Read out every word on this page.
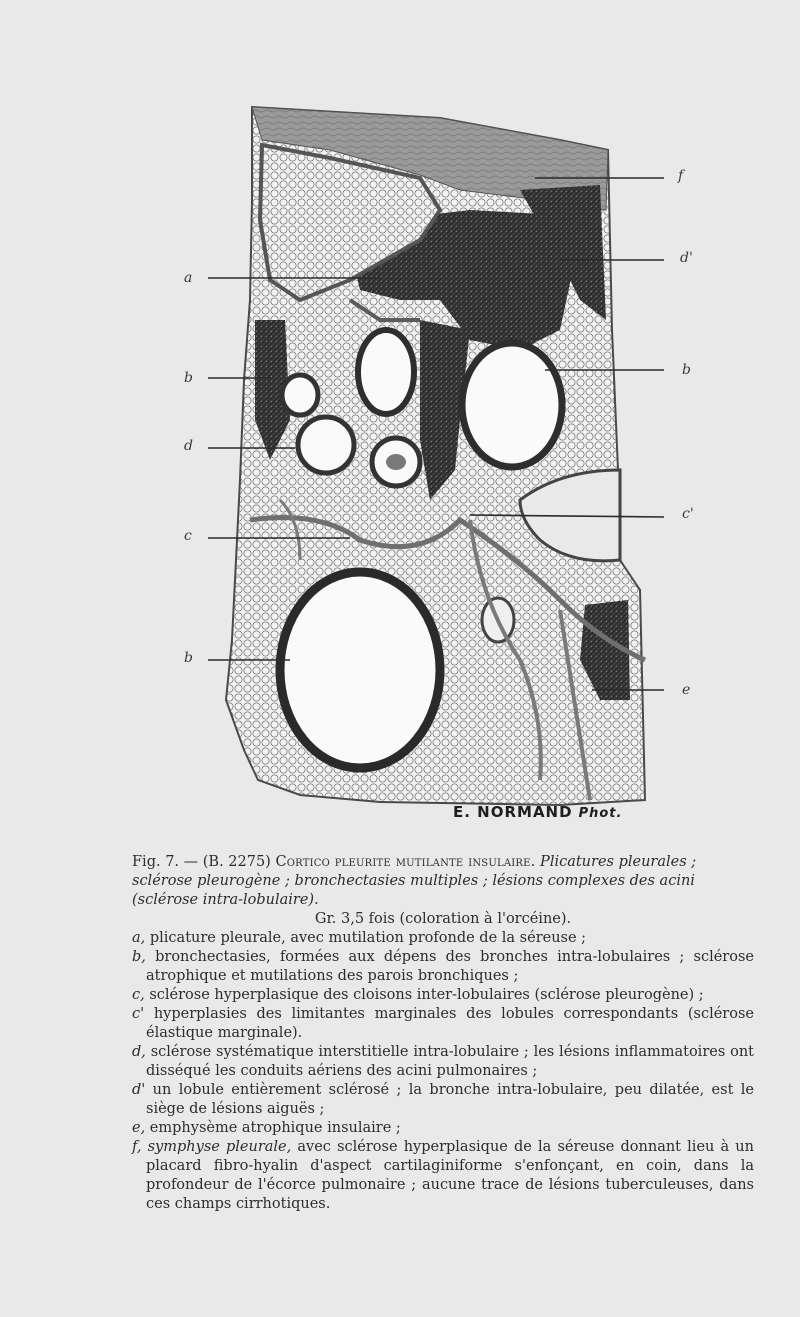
a
b
d
c
b
f
d'
b
c'
e
E. NORMAND Phot.

Fig. 7. — (B. 2275) Cortico pleurite mutilante insulaire. Plicatures pleurales ; sclérose pleurogène ; bronchectasies multiples ; lésions complexes des acini (sclérose intra-lobulaire).

Gr. 3,5 fois (coloration à l'orcéine).

a, plicature pleurale, avec mutilation profonde de la séreuse ;

b, bronchectasies, formées aux dépens des bronches intra-lobulaires ; sclérose atrophique et mutilations des parois bronchiques ;

c, sclérose hyperplasique des cloisons inter-lobulaires (sclérose pleurogène) ;

c' hyperplasies des limitantes marginales des lobules correspondants (sclérose élastique marginale).

d, sclérose systématique interstitielle intra-lobulaire ; les lésions inflammatoires ont disséqué les conduits aériens des acini pulmonaires ;

d' un lobule entièrement sclérosé ; la bronche intra-lobulaire, peu dilatée, est le siège de lésions aiguës ;

e, emphysème atrophique insulaire ;

f, symphyse pleurale, avec sclérose hyperplasique de la séreuse donnant lieu à un placard fibro-hyalin d'aspect cartilaginiforme s'enfonçant, en coin, dans la profondeur de l'écorce pulmonaire ; aucune trace de lésions tuberculeuses, dans ces champs cirrhotiques.
